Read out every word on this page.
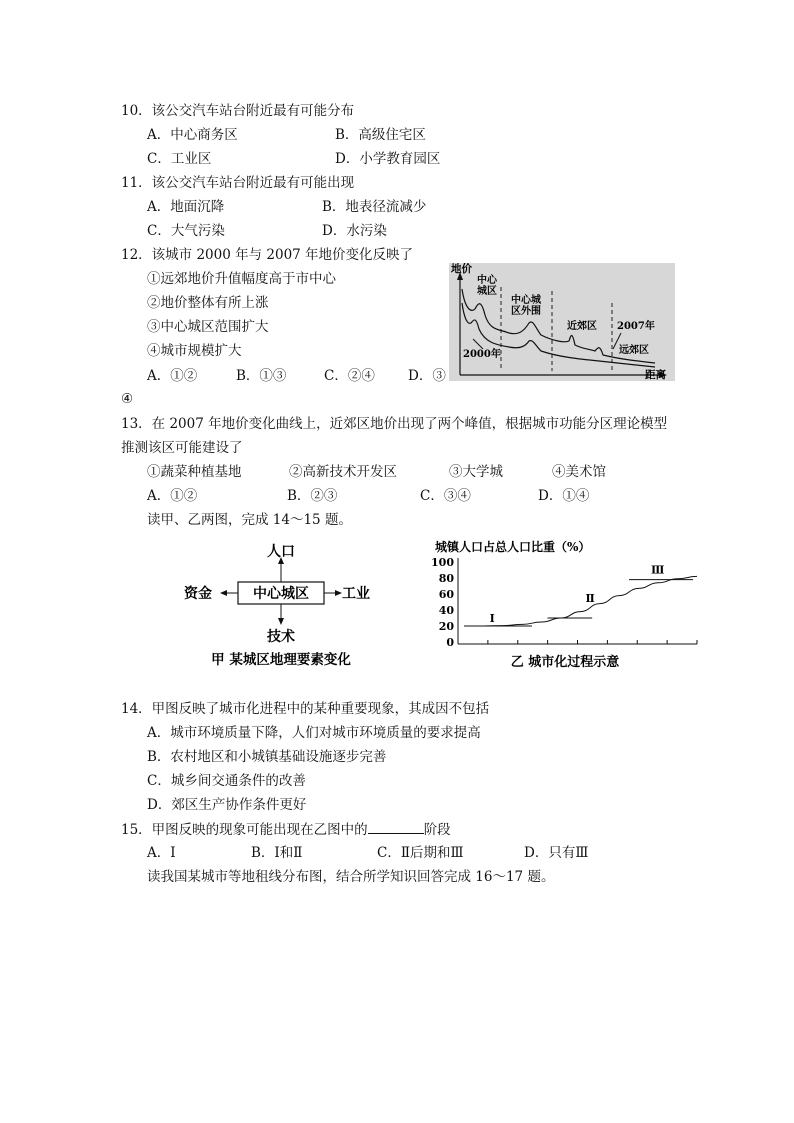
10．该公交汽车站台附近最有可能分布
A．中心商务区	B．高级住宅区
C．工业区	D．小学教育园区
11．该公交汽车站台附近最有可能出现
A．地面沉降	B．地表径流减少
C．大气污染	D．水污染
12．该城市 2000 年与 2007 年地价变化反映了
①远郊地价升值幅度高于市中心
②地价整体有所上涨
③中心城区范围扩大
④城市规模扩大
A．①②	B．①③	C．②④ D．③
④
地价
距离
中心
城区
中心城
区外围
近郊区 2007年
远郊区
2000年
13．在 2007 年地价变化曲线上，近郊区地价出现了两个峰值，根据城市功能分区理论模型
推测该区可能建设了
①蔬菜种植基地	②高新技术开发区	③大学城	④美术馆
A．①②	B．②③	C．③④	D．①④
读甲、乙两图，完成 14～15 题。
中心城区
人口
资金	工业
技术
甲 某城区地理要素变化
城镇人口占总人口比重（%）
0
20
40
60
80
100
Ⅰ
Ⅱ
Ⅲ
乙 城市化过程示意
14．甲图反映了城市化进程中的某种重要现象，其成因不包括
A．城市环境质量下降，人们对城市环境质量的要求提高
B．农村地区和小城镇基础设施逐步完善
C．城乡间交通条件的改善
D．郊区生产协作条件更好
15．甲图反映的现象可能出现在乙图中的	阶段
A．Ⅰ	B．Ⅰ和Ⅱ	C．Ⅱ后期和Ⅲ	D．只有Ⅲ
读我国某城市等地租线分布图，结合所学知识回答完成 16～17 题。
